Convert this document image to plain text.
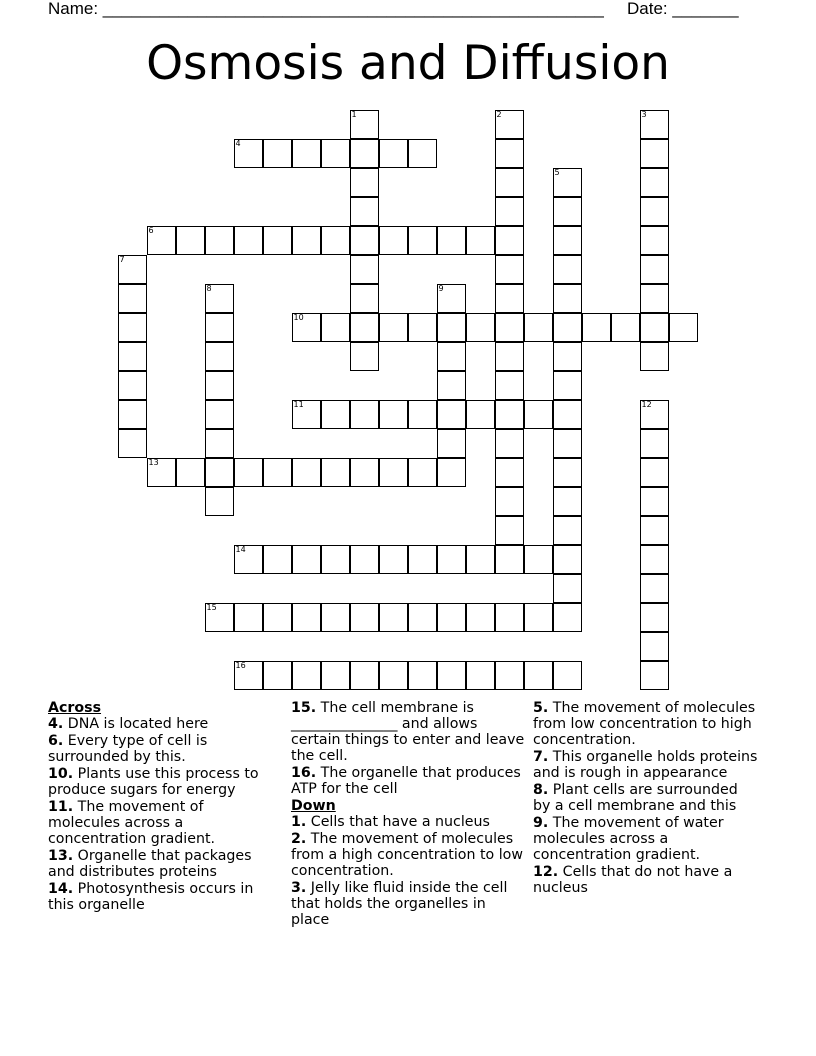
Name: _____________________________________________________ Date: _______
Osmosis and Diffusion
1	2	3
4
5
6
7
8	9
10
11	12
13
14
15
16
Across
4. DNA is located here
6. Every type of cell is surrounded by this.
10. Plants use this process to produce sugars for energy
11. The movement of molecules across a concentration gradient.
13. Organelle that packages and distributes proteins
14. Photosynthesis occurs in this organelle
15. The cell membrane is _______________ and allows certain things to enter and leave the cell.
16. The organelle that produces ATP for the cell
Down
1. Cells that have a nucleus
2. The movement of molecules from a high concentration to low concentration.
3. Jelly like fluid inside the cell that holds the organelles in place
5. The movement of molecules from low concentration to high concentration.
7. This organelle holds proteins and is rough in appearance
8. Plant cells are surrounded by a cell membrane and this
9. The movement of water molecules across a concentration gradient.
12. Cells that do not have a nucleus
